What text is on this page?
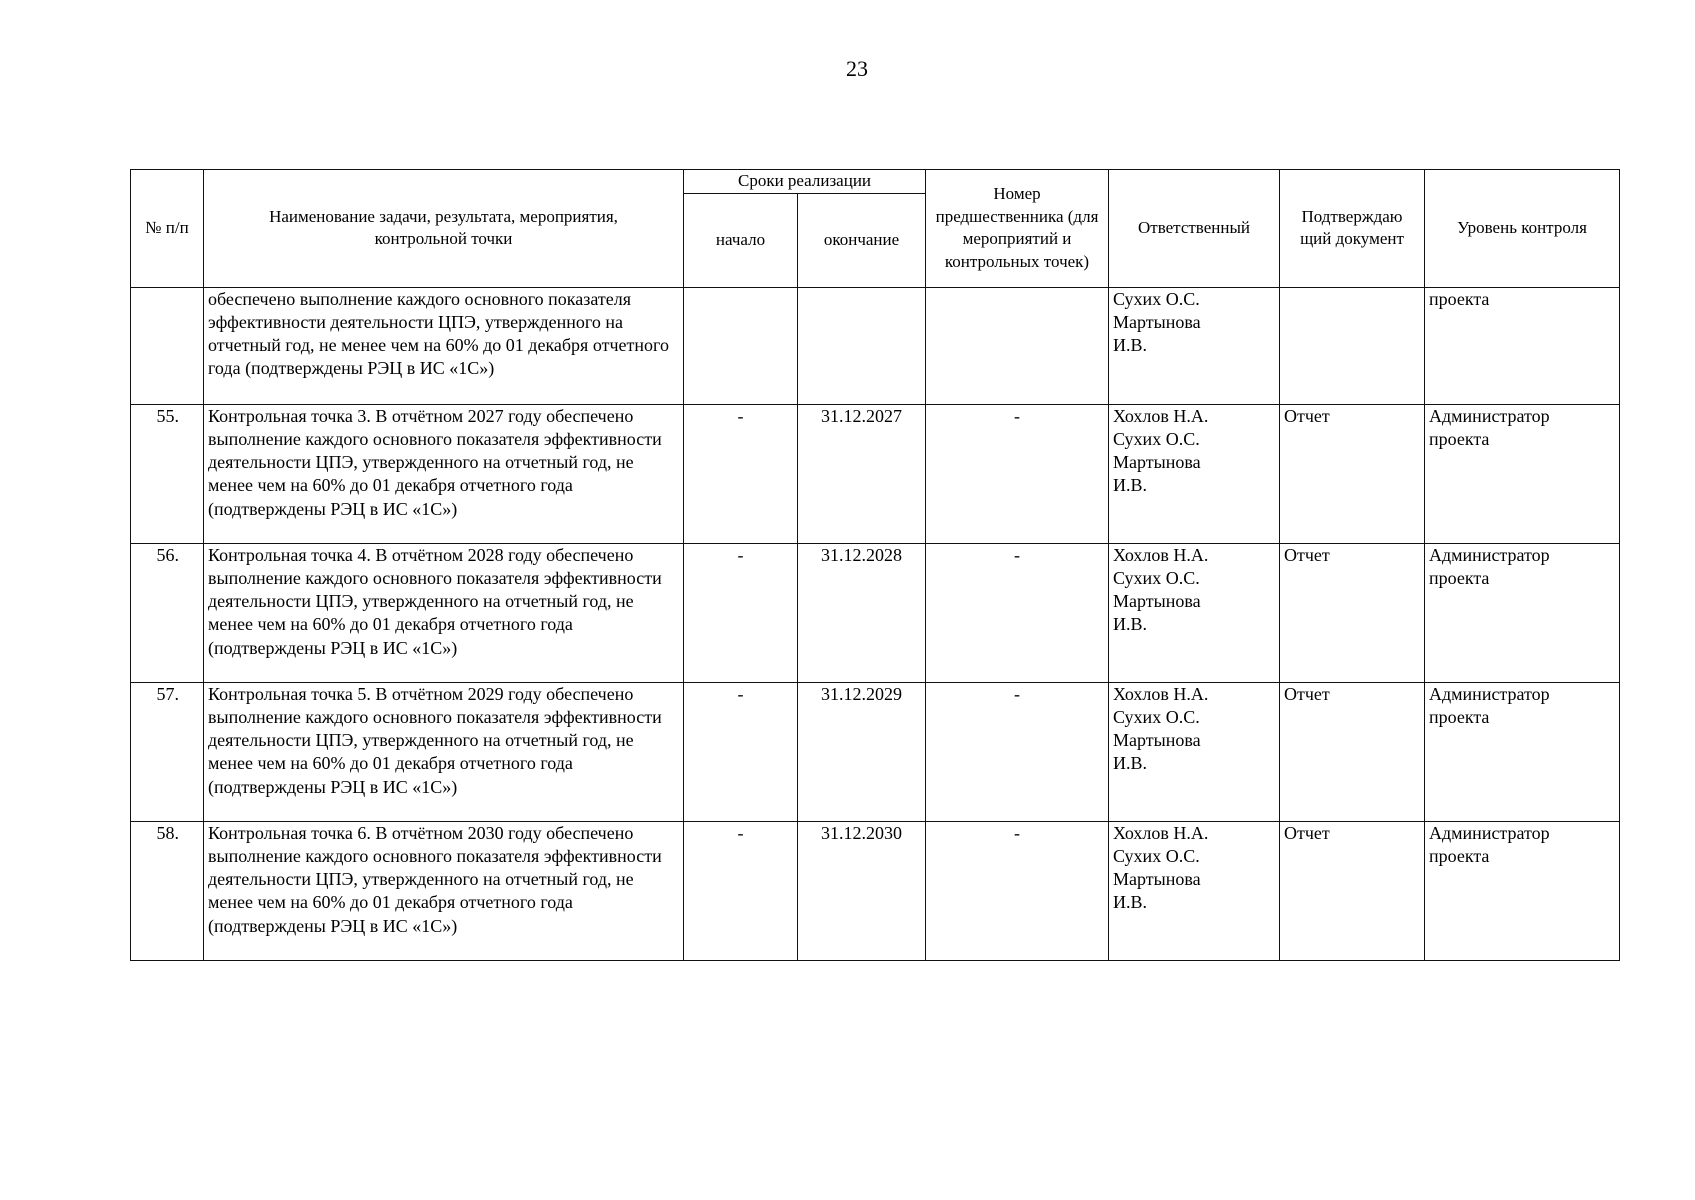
23
№ п/п	Наименование задачи, результата, мероприятия, контрольной точки	Сроки реализации		Номер предшественника (для мероприятий и контрольных точек)	Ответственный	Подтверждаю щий документ	Уровень контроля
		начало	окончание				
	обеспечено выполнение каждого основного показателя эффективности деятельности ЦПЭ, утвержденного на отчетный год, не менее чем на 60% до 01 декабря отчетного года (подтверждены РЭЦ в ИС «1С»)				Сухих О.С. Мартынова И.В.		проекта
55.	Контрольная точка 3. В отчётном 2027 году обеспечено выполнение каждого основного показателя эффективности деятельности ЦПЭ, утвержденного на отчетный год, не менее чем на 60% до 01 декабря отчетного года (подтверждены РЭЦ в ИС «1С»)	-	31.12.2027	-	Хохлов Н.А. Сухих О.С. Мартынова И.В.	Отчет	Администратор проекта
56.	Контрольная точка 4. В отчётном 2028 году обеспечено выполнение каждого основного показателя эффективности деятельности ЦПЭ, утвержденного на отчетный год, не менее чем на 60% до 01 декабря отчетного года (подтверждены РЭЦ в ИС «1С»)	-	31.12.2028	-	Хохлов Н.А. Сухих О.С. Мартынова И.В.	Отчет	Администратор проекта
57.	Контрольная точка 5. В отчётном 2029 году обеспечено выполнение каждого основного показателя эффективности деятельности ЦПЭ, утвержденного на отчетный год, не менее чем на 60% до 01 декабря отчетного года (подтверждены РЭЦ в ИС «1С»)	-	31.12.2029	-	Хохлов Н.А. Сухих О.С. Мартынова И.В.	Отчет	Администратор проекта
58.	Контрольная точка 6. В отчётном 2030 году обеспечено выполнение каждого основного показателя эффективности деятельности ЦПЭ, утвержденного на отчетный год, не менее чем на 60% до 01 декабря отчетного года (подтверждены РЭЦ в ИС «1С»)	-	31.12.2030	-	Хохлов Н.А. Сухих О.С. Мартынова И.В.	Отчет	Администратор проекта
